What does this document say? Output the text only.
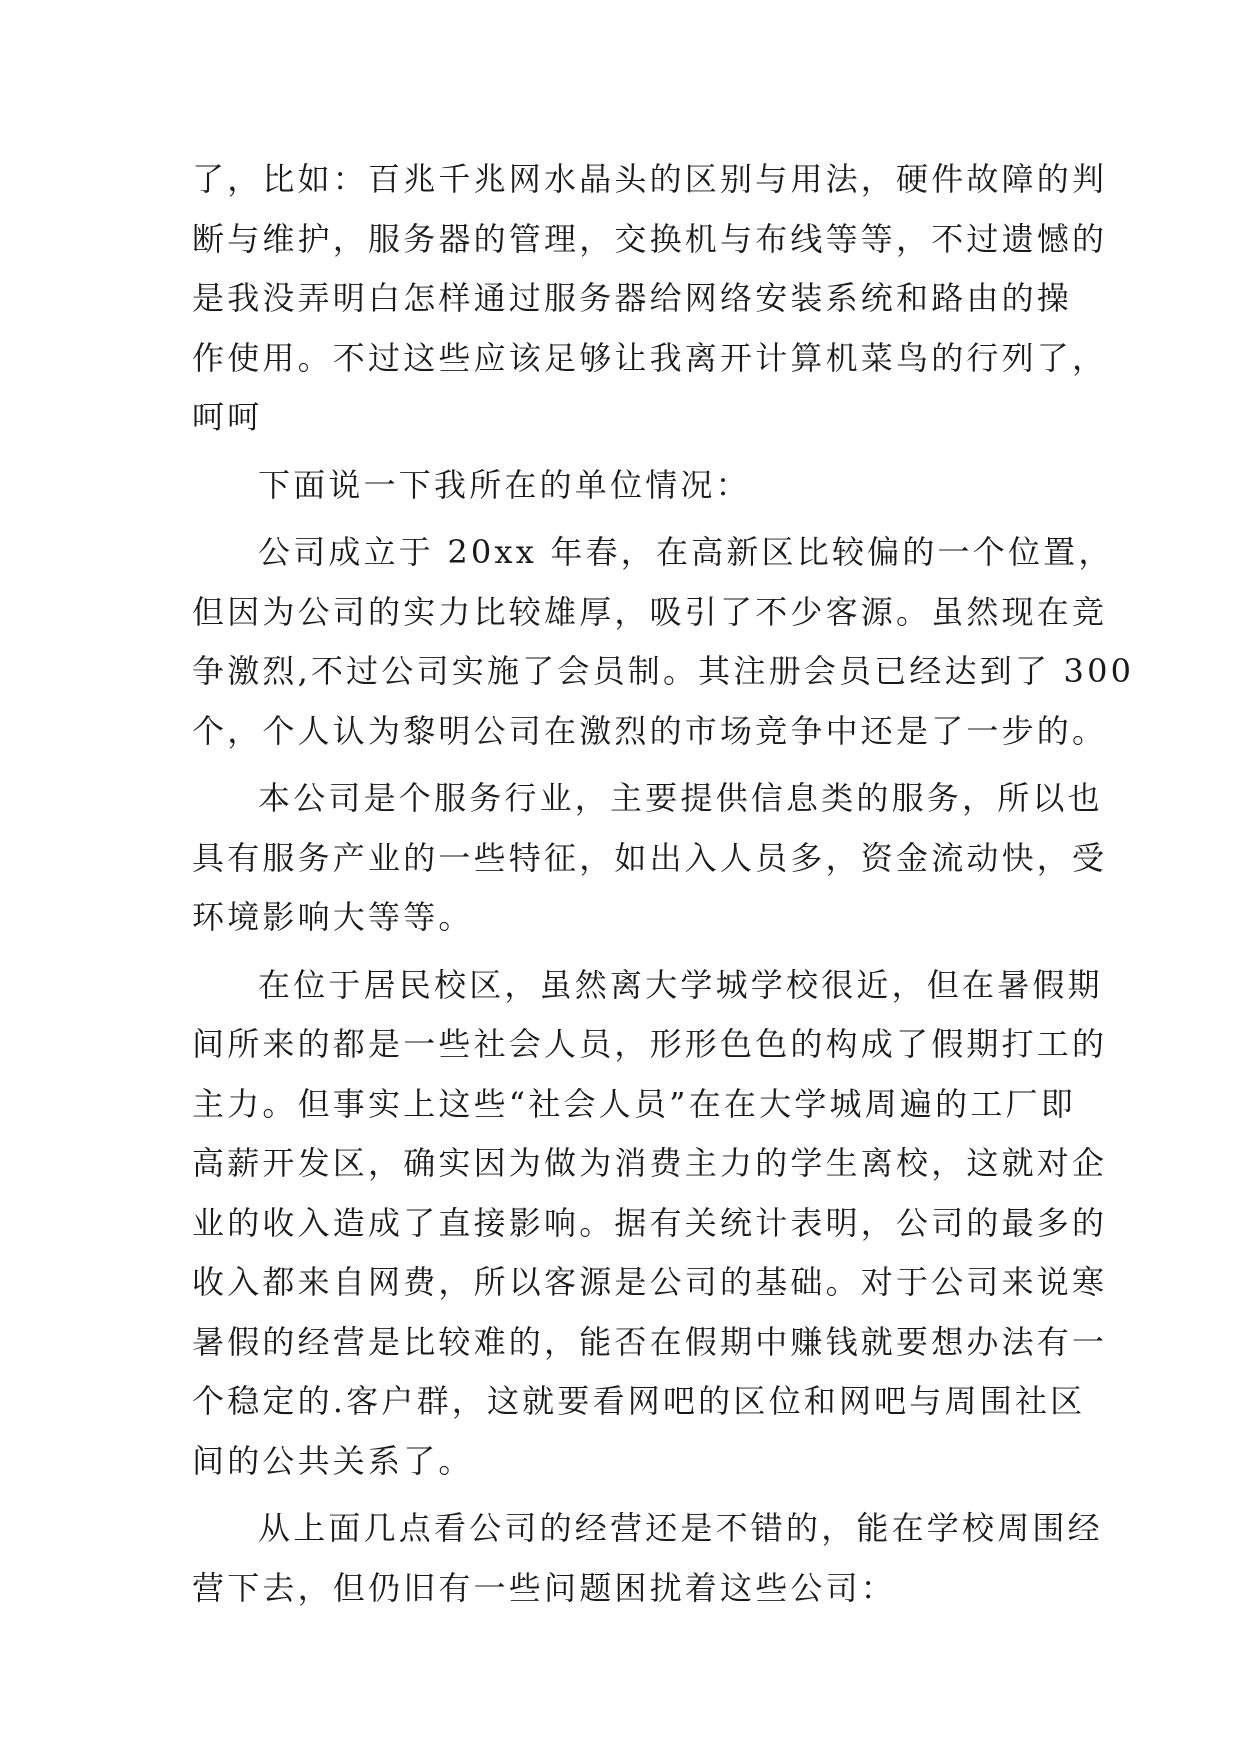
了，比如：百兆千兆网水晶头的区别与用法，硬件故障的判
断与维护，服务器的管理，交换机与布线等等，不过遗憾的
是我没弄明白怎样通过服务器给网络安装系统和路由的操
作使用。不过这些应该足够让我离开计算机菜鸟的行列了，
呵呵
下面说一下我所在的单位情况：
公司成立于 20xx 年春，在高新区比较偏的一个位置，
但因为公司的实力比较雄厚，吸引了不少客源。虽然现在竞
争激烈,不过公司实施了会员制。其注册会员已经达到了 300
个，个人认为黎明公司在激烈的市场竞争中还是了一步的。
本公司是个服务行业，主要提供信息类的服务，所以也
具有服务产业的一些特征，如出入人员多，资金流动快，受
环境影响大等等。
在位于居民校区，虽然离大学城学校很近，但在暑假期
间所来的都是一些社会人员，形形色色的构成了假期打工的
主力。但事实上这些“社会人员”在在大学城周遍的工厂即
高薪开发区，确实因为做为消费主力的学生离校，这就对企
业的收入造成了直接影响。据有关统计表明，公司的最多的
收入都来自网费，所以客源是公司的基础。对于公司来说寒
暑假的经营是比较难的，能否在假期中赚钱就要想办法有一
个稳定的.客户群，这就要看网吧的区位和网吧与周围社区
间的公共关系了。
从上面几点看公司的经营还是不错的，能在学校周围经
营下去，但仍旧有一些问题困扰着这些公司：
